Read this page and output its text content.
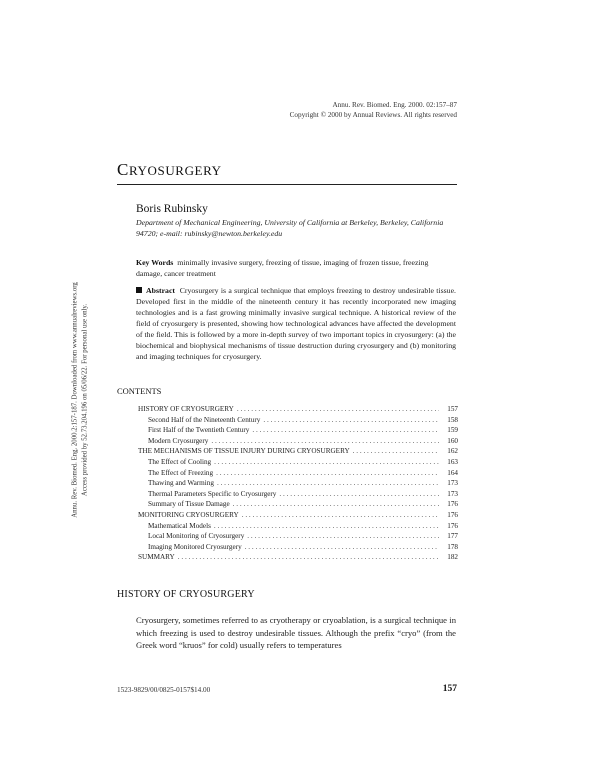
Annu. Rev. Biomed. Eng. 2000. 02:157–87
Copyright © 2000 by Annual Reviews. All rights reserved
CRYOSURGERY
Boris Rubinsky
Department of Mechanical Engineering, University of California at Berkeley, Berkeley, California 94720; e-mail: rubinsky@newton.berkeley.edu
Key Words minimally invasive surgery, freezing of tissue, imaging of frozen tissue, freezing damage, cancer treatment
Abstract Cryosurgery is a surgical technique that employs freezing to destroy undesirable tissue. Developed first in the middle of the nineteenth century it has recently incorporated new imaging technologies and is a fast growing minimally invasive surgical technique. A historical review of the field of cryosurgery is presented, showing how technological advances have affected the development of the field. This is followed by a more in-depth survey of two important topics in cryosurgery: (a) the biochemical and biophysical mechanisms of tissue destruction during cryosurgery and (b) monitoring and imaging techniques for cryosurgery.
Annu. Rev. Biomed. Eng. 2000.2:157-187. Downloaded from www.annualreviews.org Access provided by 52.73.204.196 on 05/06/22. For personal use only.	CONTENTS
HISTORY OF CRYOSURGERY . . .	157
Second Half of the Nineteenth Century . . .	158
First Half of the Twentieth Century . . .	159
Modern Cryosurgery . . .	160
THE MECHANISMS OF TISSUE INJURY DURING CRYOSURGERY . . .	162
The Effect of Cooling . . .	163
The Effect of Freezing . . .	164
Thawing and Warming . . .	173
Thermal Parameters Specific to Cryosurgery . . .	173
Summary of Tissue Damage . . .	176
MONITORING CRYOSURGERY . . .	176
Mathematical Models . . .	176
Local Monitoring of Cryosurgery . . .	177
Imaging Monitored Cryosurgery . . .	178
SUMMARY . . .	182
HISTORY OF CRYOSURGERY
Cryosurgery, sometimes referred to as cryotherapy or cryoablation, is a surgical technique in which freezing is used to destroy undesirable tissues. Although the prefix “cryo” (from the Greek word “kruos” for cold) usually refers to temperatures
1523-9829/00/0825-0157$14.00	157
